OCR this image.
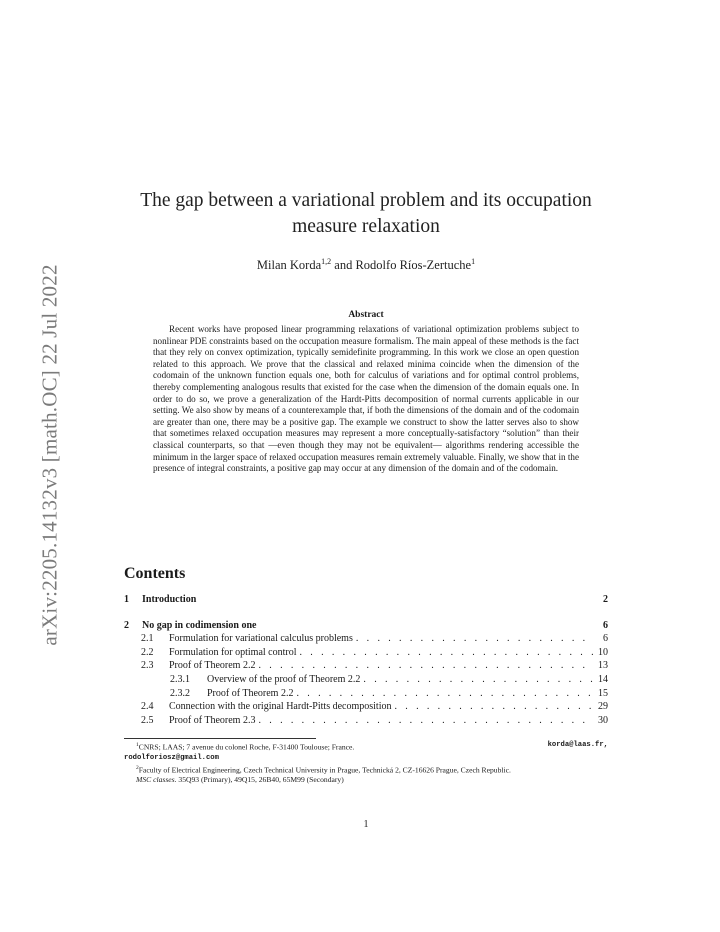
arXiv:2205.14132v3 [math.OC] 22 Jul 2022
The gap between a variational problem and its occupation
measure relaxation
Milan Korda$^{1,2}$ and Rodolfo Ríos-Zertuche$^1$
Abstract

Recent works have proposed linear programming relaxations of variational optimization problems subject to nonlinear PDE constraints based on the occupation measure formalism. The main appeal of these methods is the fact that they rely on convex optimization, typically semidefinite programming. In this work we close an open question related to this approach. We prove that the classical and relaxed minima coincide when the dimension of the codomain of the unknown function equals one, both for calculus of variations and for optimal control problems, thereby complementing analogous results that existed for the case when the dimension of the domain equals one. In order to do so, we prove a generalization of the Hardt-Pitts decomposition of normal currents applicable in our setting. We also show by means of a counterexample that, if both the dimensions of the domain and of the codomain are greater than one, there may be a positive gap. The example we construct to show the latter serves also to show that sometimes relaxed occupation measures may represent a more conceptually-satisfactory “solution” than their classical counterparts, so that —even though they may not be equivalent— algorithms rendering accessible the minimum in the larger space of relaxed occupation measures remain extremely valuable. Finally, we show that in the presence of integral constraints, a positive gap may occur at any dimension of the domain and of the codomain.

Contents
1	Introduction	2
2	No gap in codimension one	6
2.1	Formulation for variational calculus problems . . .	6
2.2	Formulation for optimal control . . .	10
2.3	Proof of Theorem 2.2 . . .	13
2.3.1	Overview of the proof of Theorem 2.2 . . .	14
2.3.2	Proof of Theorem 2.2 . . .	15
2.4	Connection with the original Hardt-Pitts decomposition . . .	29
2.5	Proof of Theorem 2.3 . . .	30

$^1$CNRS; LAAS; 7 avenue du colonel Roche, F-31400 Toulouse; France.	korda@laas.fr,

rodolforiosz@gmail.com

$^2$Faculty of Electrical Engineering, Czech Technical University in Prague, Technická 2, CZ-16626 Prague, Czech Republic.

MSC classes. 35Q93 (Primary), 49Q15, 26B40, 65M99 (Secondary)

1
